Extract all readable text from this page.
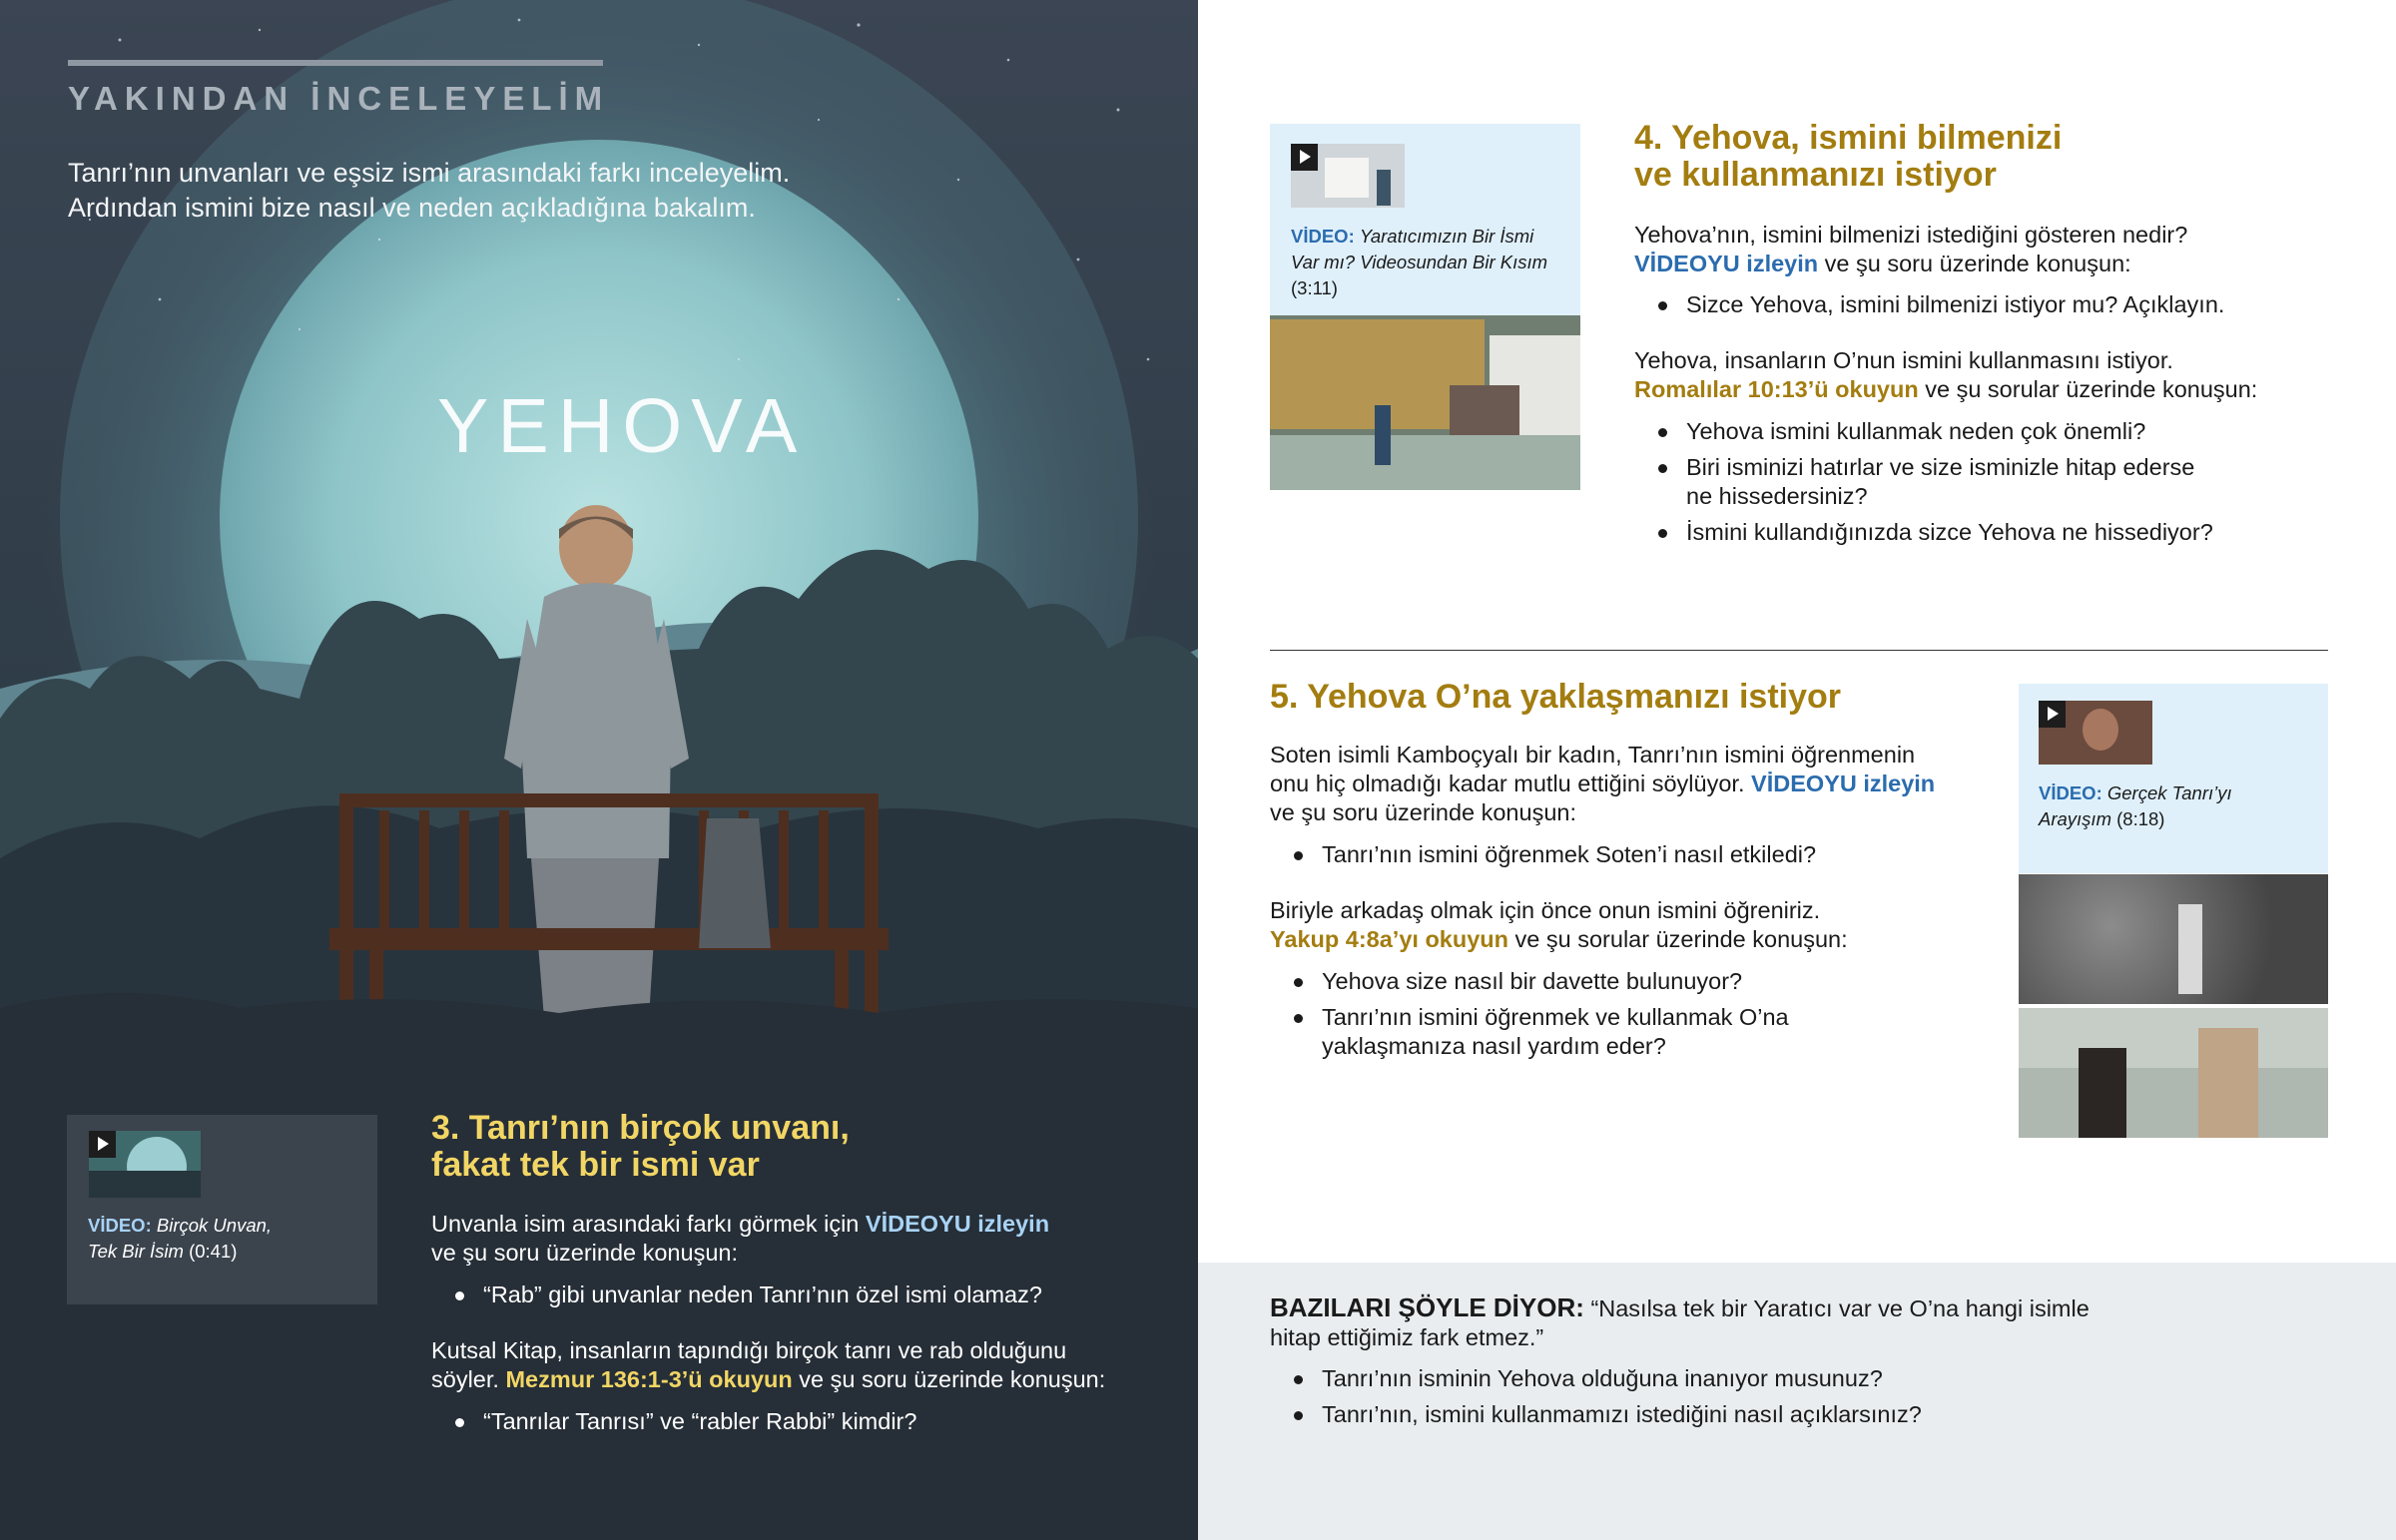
YAKINDAN İNCELEYELİM
Tanrı’nın unvanları ve eşsiz ismi arasındaki farkı inceleyelim.
Ardından ismini bize nasıl ve neden açıkladığına bakalım.
YEHOVA
VİDEO: Birçok Unvan,
Tek Bir İsim (0:41)
3. Tanrı’nın birçok unvanı,
fakat tek bir ismi var
Unvanla isim arasındaki farkı görmek için VİDEOYU izleyin
ve şu soru üzerinde konuşun:
“Rab” gibi unvanlar neden Tanrı’nın özel ismi olamaz?
Kutsal Kitap, insanların tapındığı birçok tanrı ve rab olduğunu
söyler. Mezmur 136:1-3’ü okuyun ve şu soru üzerinde konuşun:
“Tanrılar Tanrısı” ve “rabler Rabbi” kimdir?
VİDEO: Yaratıcımızın Bir İsmi
Var mı? Videosundan Bir Kısım
(3:11)
4. Yehova, ismini bilmenizi
ve kullanmanızı istiyor
Yehova’nın, ismini bilmenizi istediğini gösteren nedir?
VİDEOYU izleyin ve şu soru üzerinde konuşun:
Sizce Yehova, ismini bilmenizi istiyor mu? Açıklayın.
Yehova, insanların O’nun ismini kullanmasını istiyor.
Romalılar 10:13’ü okuyun ve şu sorular üzerinde konuşun:
Yehova ismini kullanmak neden çok önemli?
Biri isminizi hatırlar ve size isminizle hitap ederse ne hissedersiniz?
İsmini kullandığınızda sizce Yehova ne hissediyor?
5. Yehova O’na yaklaşmanızı istiyor
Soten isimli Kamboçyalı bir kadın, Tanrı’nın ismini öğrenmenin
onu hiç olmadığı kadar mutlu ettiğini söylüyor. VİDEOYU izleyin
ve şu soru üzerinde konuşun:
Tanrı’nın ismini öğrenmek Soten’i nasıl etkiledi?
Biriyle arkadaş olmak için önce onun ismini öğreniriz.
Yakup 4:8a’yı okuyun ve şu sorular üzerinde konuşun:
Yehova size nasıl bir davette bulunuyor?
Tanrı’nın ismini öğrenmek ve kullanmak O’na yaklaşmanıza nasıl yardım eder?
VİDEO: Gerçek Tanrı’yı
Arayışım (8:18)
BAZILARI ŞÖYLE DİYOR: “Nasılsa tek bir Yaratıcı var ve O’na hangi isimle
hitap ettiğimiz fark etmez.”
Tanrı’nın isminin Yehova olduğuna inanıyor musunuz?
Tanrı’nın, ismini kullanmamızı istediğini nasıl açıklarsınız?
